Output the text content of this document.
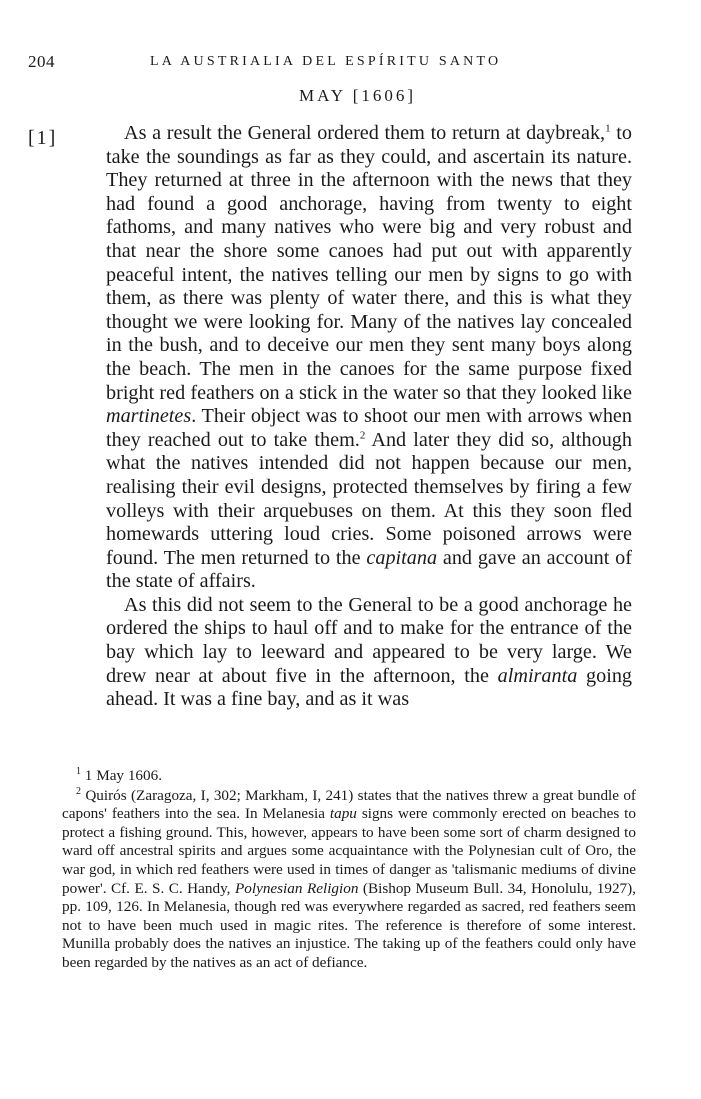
204	LA AUSTRIALIA DEL ESPÍRITU SANTO
MAY [1606]
[1]	As a result the General ordered them to return at daybreak,$^1$ to take the soundings as far as they could, and ascertain its nature. They returned at three in the afternoon with the news that they had found a good anchorage, having from twenty to eight fathoms, and many natives who were big and very robust and that near the shore some canoes had put out with apparently peaceful intent, the natives telling our men by signs to go with them, as there was plenty of water there, and this is what they thought we were looking for. Many of the natives lay concealed in the bush, and to deceive our men they sent many boys along the beach. The men in the canoes for the same purpose fixed bright red feathers on a stick in the water so that they looked like martinetes. Their object was to shoot our men with arrows when they reached out to take them.$^2$ And later they did so, although what the natives intended did not happen because our men, realising their evil designs, protected themselves by firing a few volleys with their arquebuses on them. At this they soon fled homewards uttering loud cries. Some poisoned arrows were found. The men returned to the capitana and gave an account of the state of affairs.

As this did not seem to the General to be a good anchorage he ordered the ships to haul off and to make for the entrance of the bay which lay to leeward and appeared to be very large. We drew near at about five in the afternoon, the almiranta going ahead. It was a fine bay, and as it was

$^1$ 1 May 1606.

$^2$ Quirós (Zaragoza, I, 302; Markham, I, 241) states that the natives threw a great bundle of capons' feathers into the sea. In Melanesia tapu signs were commonly erected on beaches to protect a fishing ground. This, however, appears to have been some sort of charm designed to ward off ancestral spirits and argues some acquaintance with the Polynesian cult of Oro, the war god, in which red feathers were used in times of danger as 'talismanic mediums of divine power'. Cf. E. S. C. Handy, Polynesian Religion (Bishop Museum Bull. 34, Honolulu, 1927), pp. 109, 126. In Melanesia, though red was everywhere regarded as sacred, red feathers seem not to have been much used in magic rites. The reference is therefore of some interest. Munilla probably does the natives an injustice. The taking up of the feathers could only have been regarded by the natives as an act of defiance.
